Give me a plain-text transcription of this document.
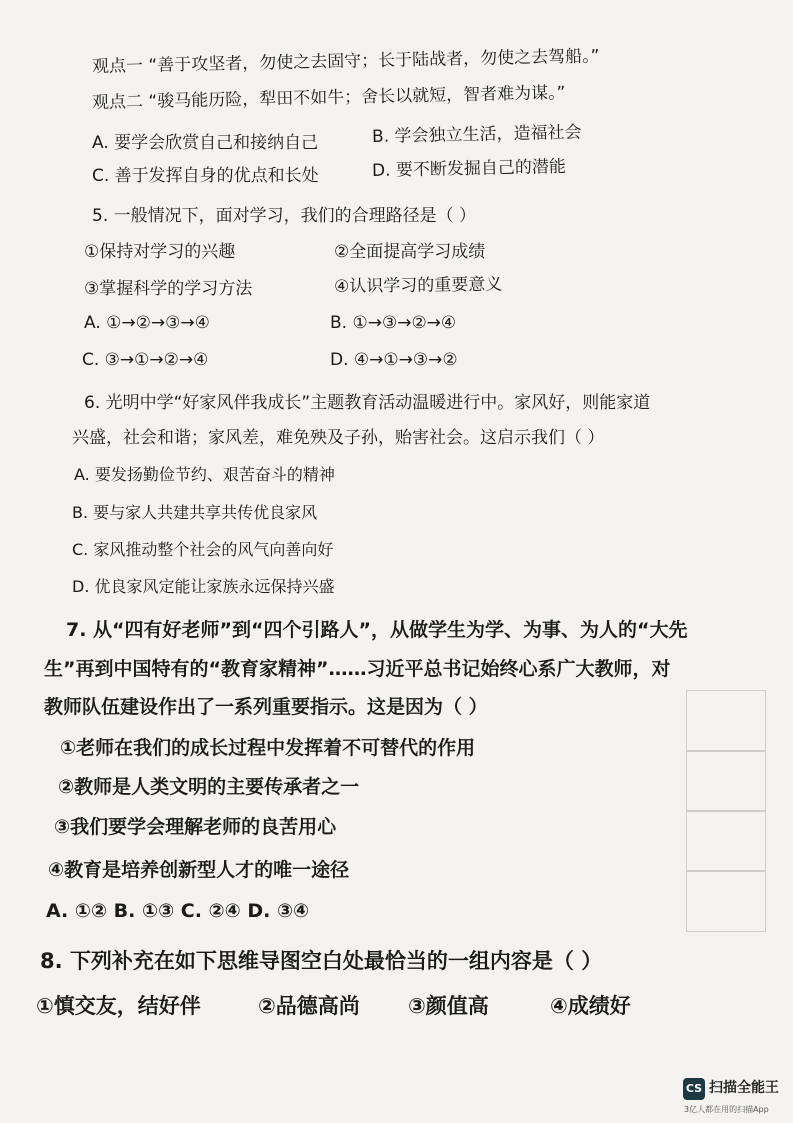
观点一 “善于攻坚者，勿使之去固守；长于陆战者，勿使之去驾船。”
观点二 “骏马能历险，犁田不如牛；舍长以就短，智者难为谋。”
A. 要学会欣赏自己和接纳自己	B. 学会独立生活，造福社会
C. 善于发挥自身的优点和长处	D. 要不断发掘自己的潜能
5. 一般情况下，面对学习，我们的合理路径是（ ）
①保持对学习的兴趣	②全面提高学习成绩
③掌握科学的学习方法	④认识学习的重要意义
A. ①→②→③→④	B. ①→③→②→④
C. ③→①→②→④	D. ④→①→③→②
6. 光明中学“好家风伴我成长”主题教育活动温暖进行中。家风好，则能家道
兴盛，社会和谐；家风差，难免殃及子孙，贻害社会。这启示我们（ ）
A. 要发扬勤俭节约、艰苦奋斗的精神
B. 要与家人共建共享共传优良家风
C. 家风推动整个社会的风气向善向好
D. 优良家风定能让家族永远保持兴盛
7. 从“四有好老师”到“四个引路人”，从做学生为学、为事、为人的“大先
生”再到中国特有的“教育家精神”……习近平总书记始终心系广大教师，对
教师队伍建设作出了一系列重要指示。这是因为（ ）
①老师在我们的成长过程中发挥着不可替代的作用
②教师是人类文明的主要传承者之一
③我们要学会理解老师的良苦用心
④教育是培养创新型人才的唯一途径
A. ①② B. ①③ C. ②④ D. ③④
8. 下列补充在如下思维导图空白处最恰当的一组内容是（ ）
①慎交友，结好伴	②品德高尚 ③颜值高	④成绩好
CS 扫描全能王
3亿人都在用的扫描App
